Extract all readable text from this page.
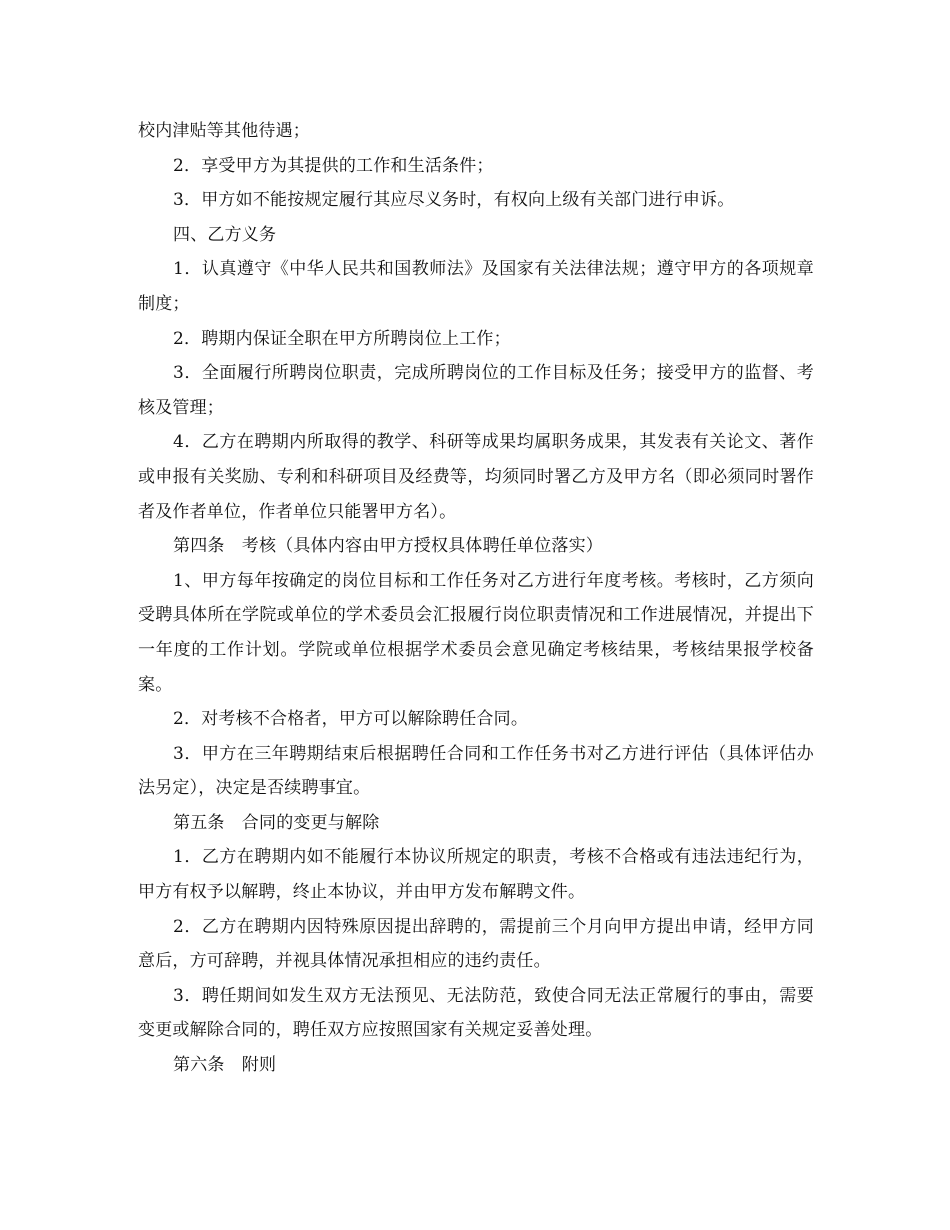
校内津贴等其他待遇；

2．享受甲方为其提供的工作和生活条件；

3．甲方如不能按规定履行其应尽义务时，有权向上级有关部门进行申诉。

四、乙方义务

1．认真遵守《中华人民共和国教师法》及国家有关法律法规；遵守甲方的各项规章制度；

2．聘期内保证全职在甲方所聘岗位上工作；

3．全面履行所聘岗位职责，完成所聘岗位的工作目标及任务；接受甲方的监督、考核及管理；

4．乙方在聘期内所取得的教学、科研等成果均属职务成果，其发表有关论文、著作或申报有关奖励、专利和科研项目及经费等，均须同时署乙方及甲方名（即必须同时署作者及作者单位，作者单位只能署甲方名）。

第四条　考核（具体内容由甲方授权具体聘任单位落实）

1、甲方每年按确定的岗位目标和工作任务对乙方进行年度考核。考核时，乙方须向受聘具体所在学院或单位的学术委员会汇报履行岗位职责情况和工作进展情况，并提出下一年度的工作计划。学院或单位根据学术委员会意见确定考核结果，考核结果报学校备案。

2．对考核不合格者，甲方可以解除聘任合同。

3．甲方在三年聘期结束后根据聘任合同和工作任务书对乙方进行评估（具体评估办法另定），决定是否续聘事宜。

第五条　合同的变更与解除

1．乙方在聘期内如不能履行本协议所规定的职责，考核不合格或有违法违纪行为，甲方有权予以解聘，终止本协议，并由甲方发布解聘文件。

2．乙方在聘期内因特殊原因提出辞聘的，需提前三个月向甲方提出申请，经甲方同意后，方可辞聘，并视具体情况承担相应的违约责任。

3．聘任期间如发生双方无法预见、无法防范，致使合同无法正常履行的事由，需要变更或解除合同的，聘任双方应按照国家有关规定妥善处理。

第六条　附则
